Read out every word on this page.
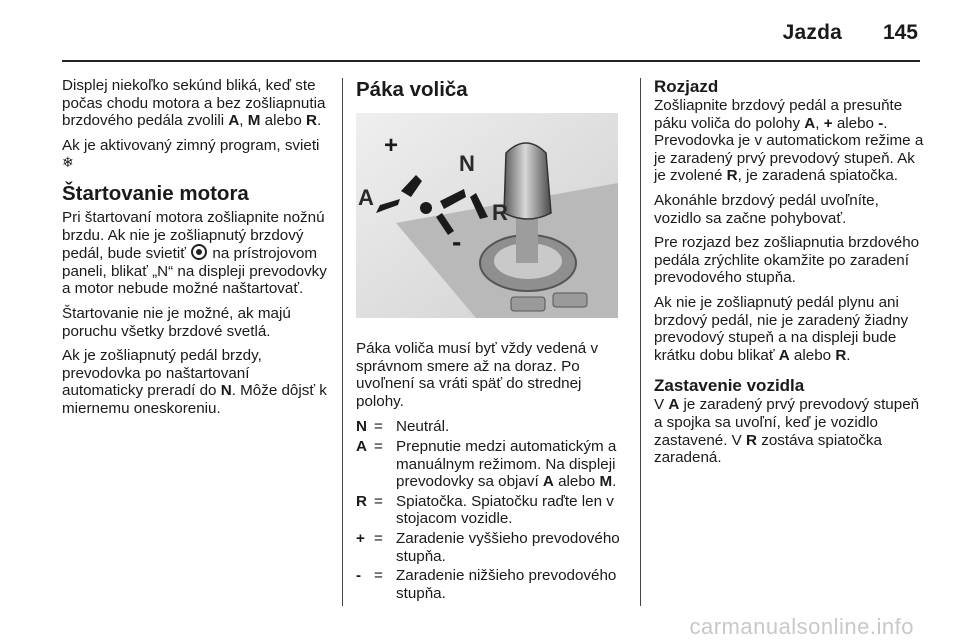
Jazda 145

Displej niekoľko sekúnd bliká, keď ste počas chodu motora a bez zošliapnutia brzdového pedála zvolili A, M alebo R.

Ak je aktivovaný zimný program, svieti ❄

Štartovanie motora

Pri štartovaní motora zošliapnite nožnú brzdu. Ak nie je zošliapnutý brzdový pedál, bude svietiť na prístrojovom paneli, blikať „N“ na displeji prevodovky a motor nebude možné naštartovať.

Štartovanie nie je možné, ak majú poruchu všetky brzdové svetlá.

Ak je zošliapnutý pedál brzdy, prevodovka po naštartovaní automaticky preradí do N. Môže dôjsť k miernemu oneskoreniu.

Páka voliča
+
N
A
R
-

Páka voliča musí byť vždy vedená v správnom smere až na doraz. Po uvoľnení sa vráti späť do strednej polohy.

N = Neutrál.
A = Prepnutie medzi automatickým a manuálnym režimom. Na displeji prevodovky sa objaví A alebo M.
R = Spiatočka. Spiatočku raďte len v stojacom vozidle.
+ = Zaradenie vyššieho prevodového stupňa.
- = Zaradenie nižšieho prevodového stupňa.
Rozjazd

Zošliapnite brzdový pedál a presuňte páku voliča do polohy A, + alebo -. Prevodovka je v automatickom režime a je zaradený prvý prevodový stupeň. Ak je zvolené R, je zaradená spiatočka.

Akonáhle brzdový pedál uvoľníte, vozidlo sa začne pohybovať.

Pre rozjazd bez zošliapnutia brzdového pedála zrýchlite okamžite po zaradení prevodového stupňa.

Ak nie je zošliapnutý pedál plynu ani brzdový pedál, nie je zaradený žiadny prevodový stupeň a na displeji bude krátku dobu blikať A alebo R.

Zastavenie vozidla

V A je zaradený prvý prevodový stupeň a spojka sa uvoľní, keď je vozidlo zastavené. V R zostáva spiatočka zaradená.

carmanualsonline.info
